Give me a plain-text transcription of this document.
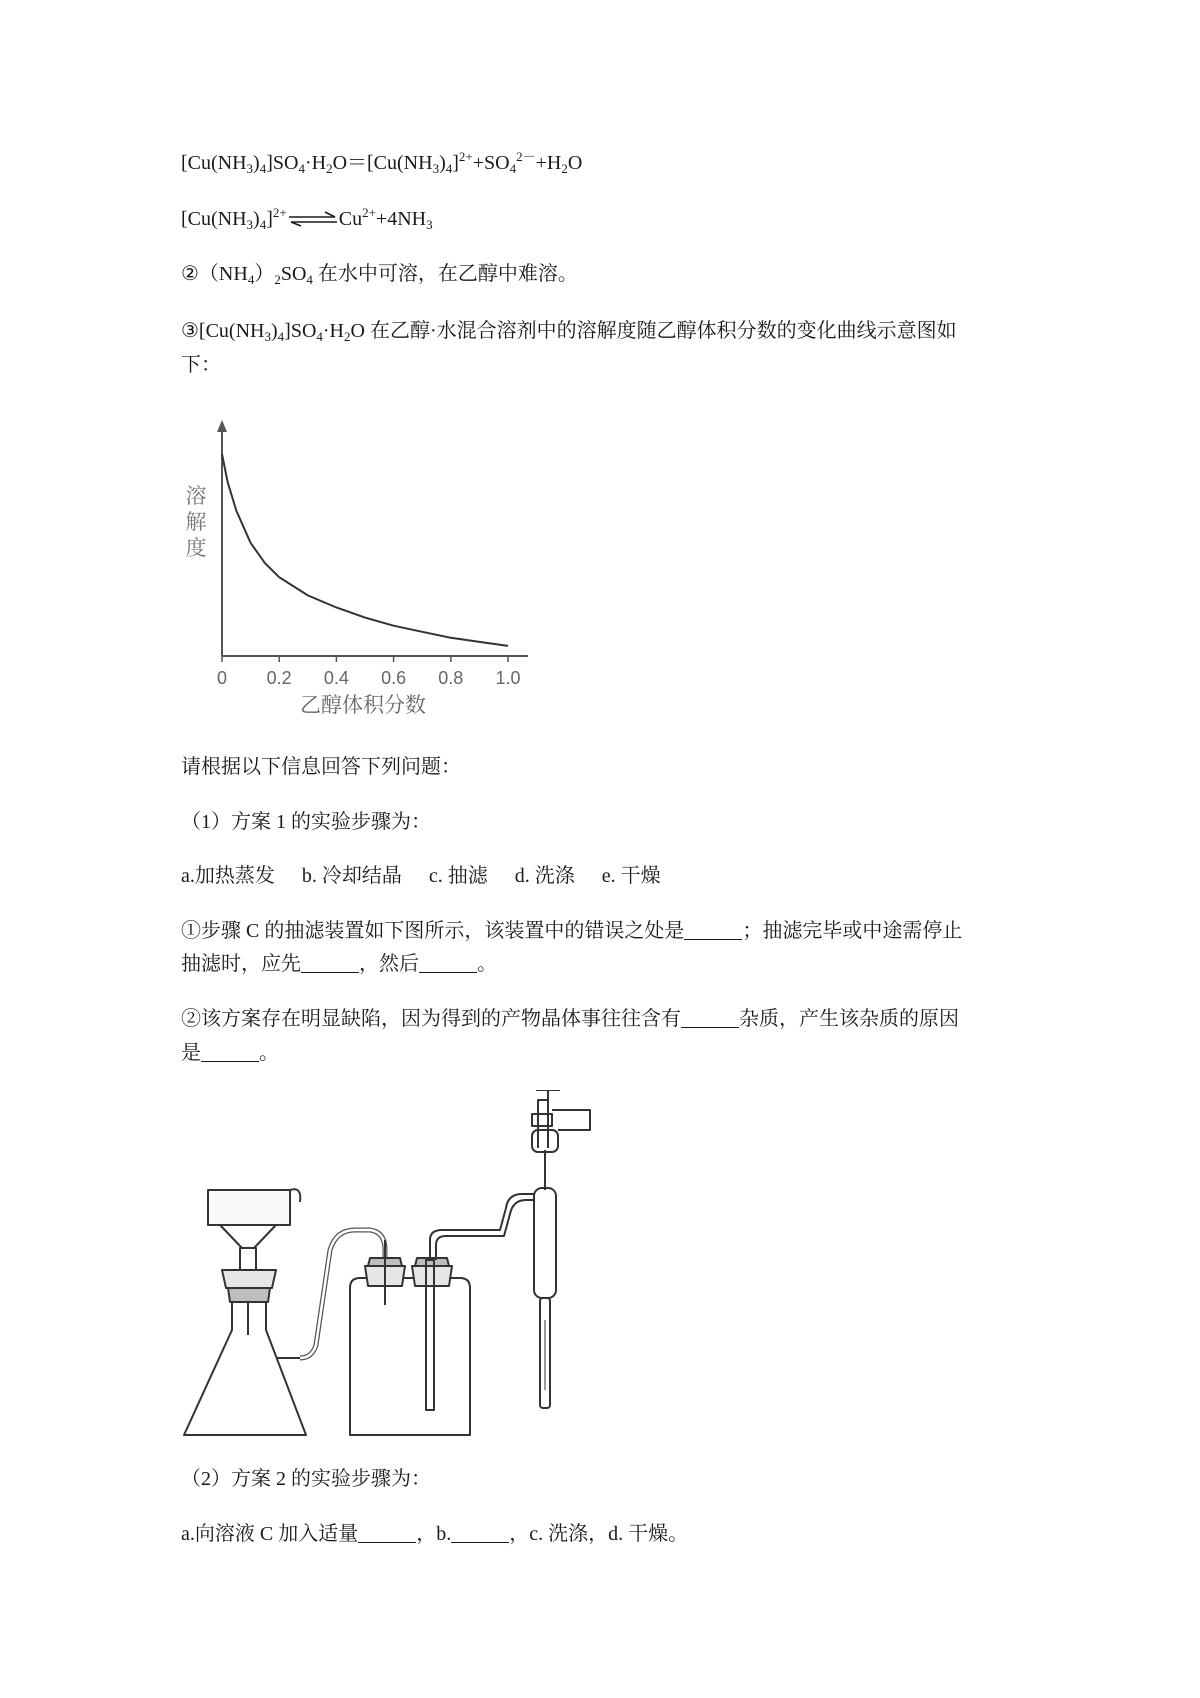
$[Cu(NH_3)_4]SO_4\cdot H_2O=[Cu(NH_3)_4]^{2+}+SO_4^{2-}+H_2O$

$[Cu(NH_3)_4]^{2+}\rightleftharpoons Cu^{2+}+4NH_3$

$②(NH_4)_2SO_4$ 在水中可溶，在乙醇中难溶。

$③[Cu(NH_3)_4]SO_4\cdot H_2O$ 在乙醇·水混合溶剂中的溶解度随乙醇体积分数的变化曲线示意图如

下：

0 0.2 0.4 0.6 0.8 1.0
乙醇体积分数
溶解度

请根据以下信息回答下列问题：

（1）方案 1 的实验步骤为：

a.加热蒸发 b. 冷却结晶 c. 抽滤 d. 洗涤 e. 干燥

①步骤 C 的抽滤装置如下图所示，该装置中的错误之处是	；抽滤完毕或中途需停止

抽滤时，应先	，然后	。

②该方案存在明显缺陷，因为得到的产物晶体事往往含有	杂质，产生该杂质的原因

是	。

（2）方案 2 的实验步骤为：

a.向溶液 C 加入适量	，b.	，c. 洗涤，d. 干燥。
